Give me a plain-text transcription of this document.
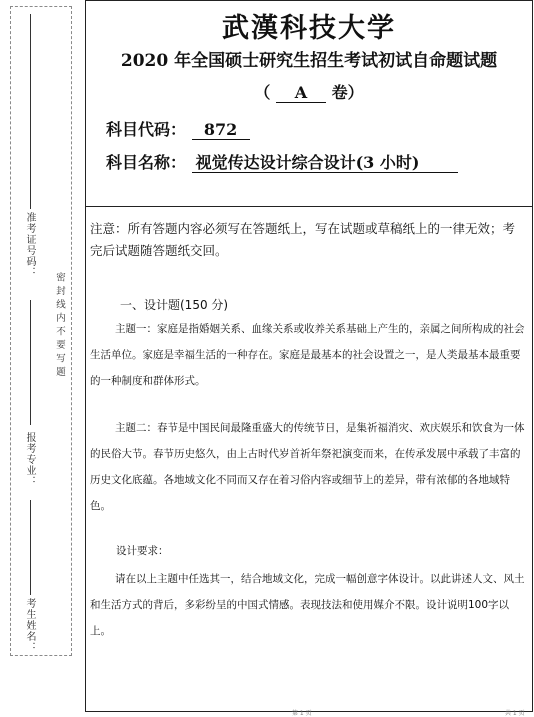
准考证号码：
报考专业：
考生姓名：
密封线内不要写题
武漢科技大学
2020 年全国硕士研究生招生考试初试自命题试题
（ A 卷）
科目代码： 872
科目名称： 视觉传达设计综合设计(3 小时)
注意：所有答题内容必须写在答题纸上，写在试题或草稿纸上的一律无效；考完后试题随答题纸交回。
一、设计题(150 分)
主题一：家庭是指婚姻关系、血缘关系或收养关系基础上产生的，亲属之间所构成的社会生活单位。家庭是幸福生活的一种存在。家庭是最基本的社会设置之一，是人类最基本最重要的一种制度和群体形式。
主题二：春节是中国民间最隆重盛大的传统节日，是集祈福消灾、欢庆娱乐和饮食为一体的民俗大节。春节历史悠久，由上古时代岁首祈年祭祀演变而来，在传承发展中承载了丰富的历史文化底蕴。各地域文化不同而又存在着习俗内容或细节上的差异，带有浓郁的各地域特色。
设计要求：
请在以上主题中任选其一，结合地域文化，完成一幅创意字体设计。以此讲述人文、风土和生活方式的背后，多彩纷呈的中国式情感。表现技法和使用媒介不限。设计说明100字以上。
第 1 页	共 1 页
